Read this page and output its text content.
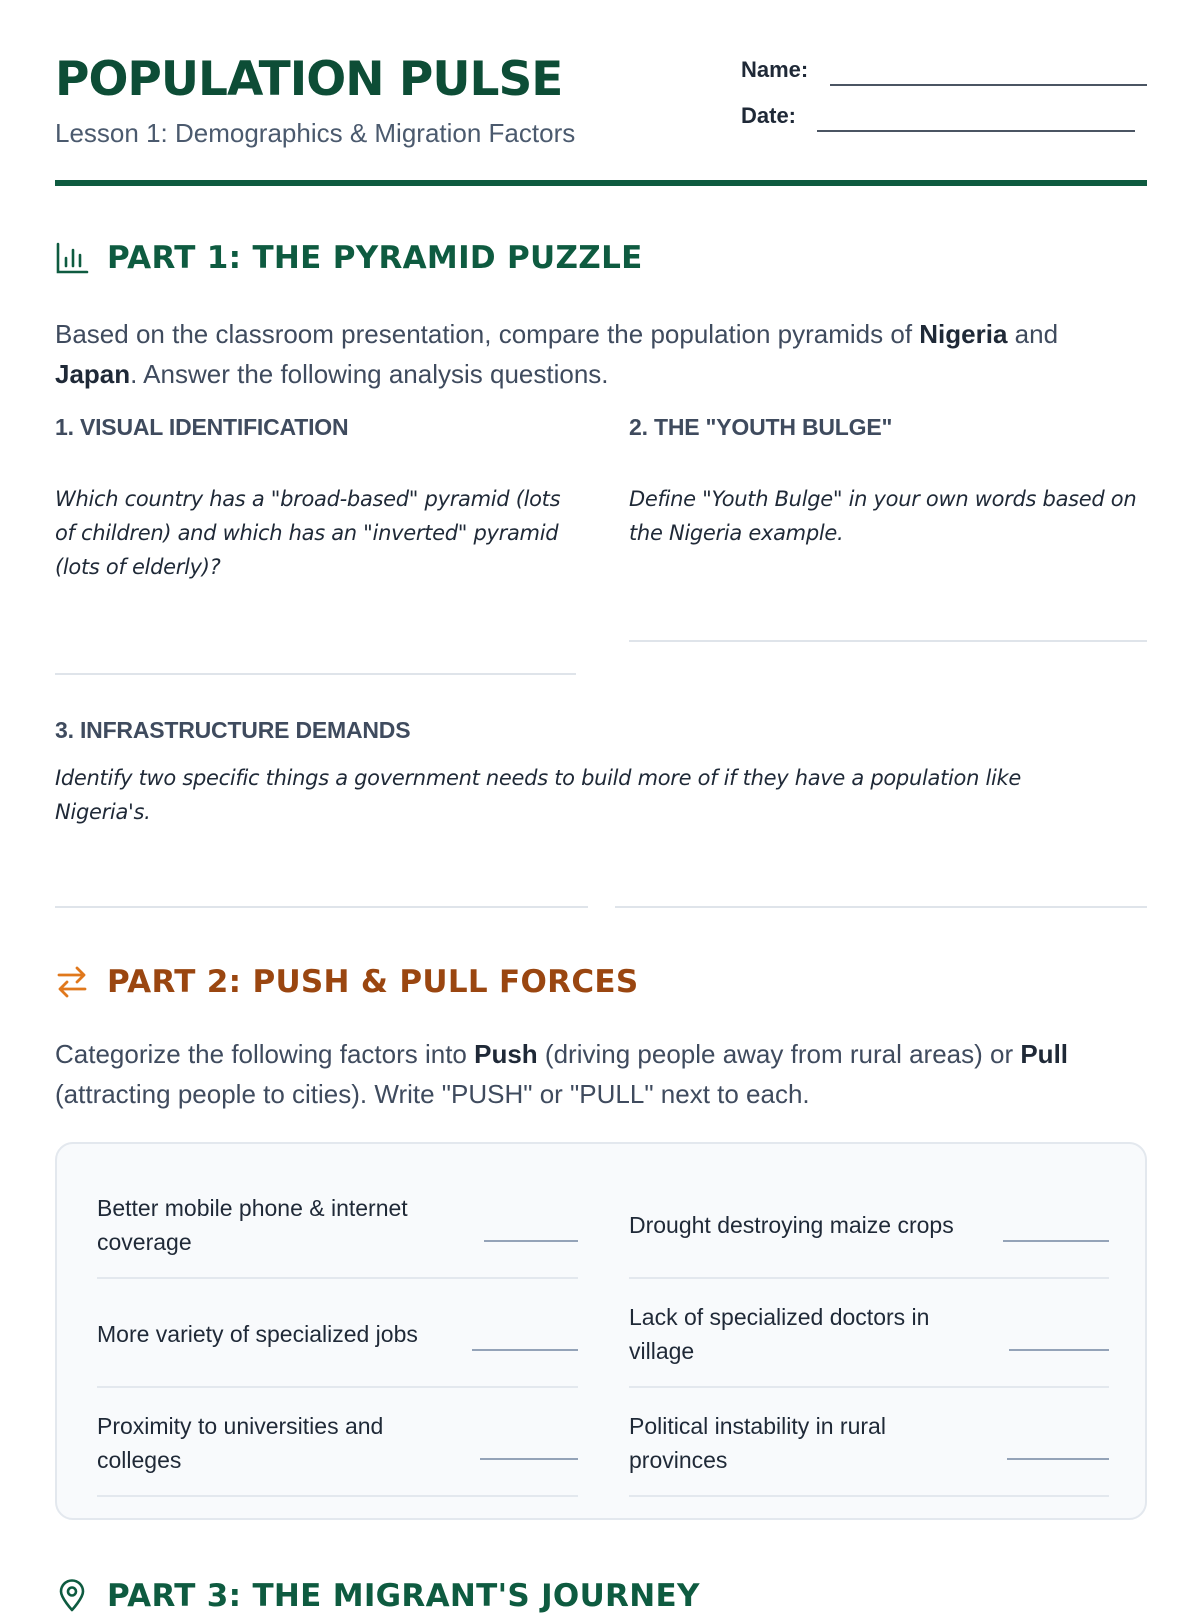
POPULATION PULSE
Lesson 1: Demographics & Migration Factors
Name:
Date:
PART 1: THE PYRAMID PUZZLE

Based on the classroom presentation, compare the population pyramids of Nigeria and Japan. Answer the following analysis questions.

1. VISUAL IDENTIFICATION

Which country has a "broad-based" pyramid (lots of children) and which has an "inverted" pyramid (lots of elderly)?

2. THE "YOUTH BULGE"

Define "Youth Bulge" in your own words based on the Nigeria example.

3. INFRASTRUCTURE DEMANDS

Identify two specific things a government needs to build more of if they have a population like Nigeria's.

PART 2: PUSH & PULL FORCES

Categorize the following factors into Push (driving people away from rural areas) or Pull (attracting people to cities). Write "PUSH" or "PULL" next to each.

Better mobile phone & internet coverage
Drought destroying maize crops
More variety of specialized jobs
Lack of specialized doctors in village
Proximity to universities and colleges
Political instability in rural provinces
PART 3: THE MIGRANT'S JOURNEY
